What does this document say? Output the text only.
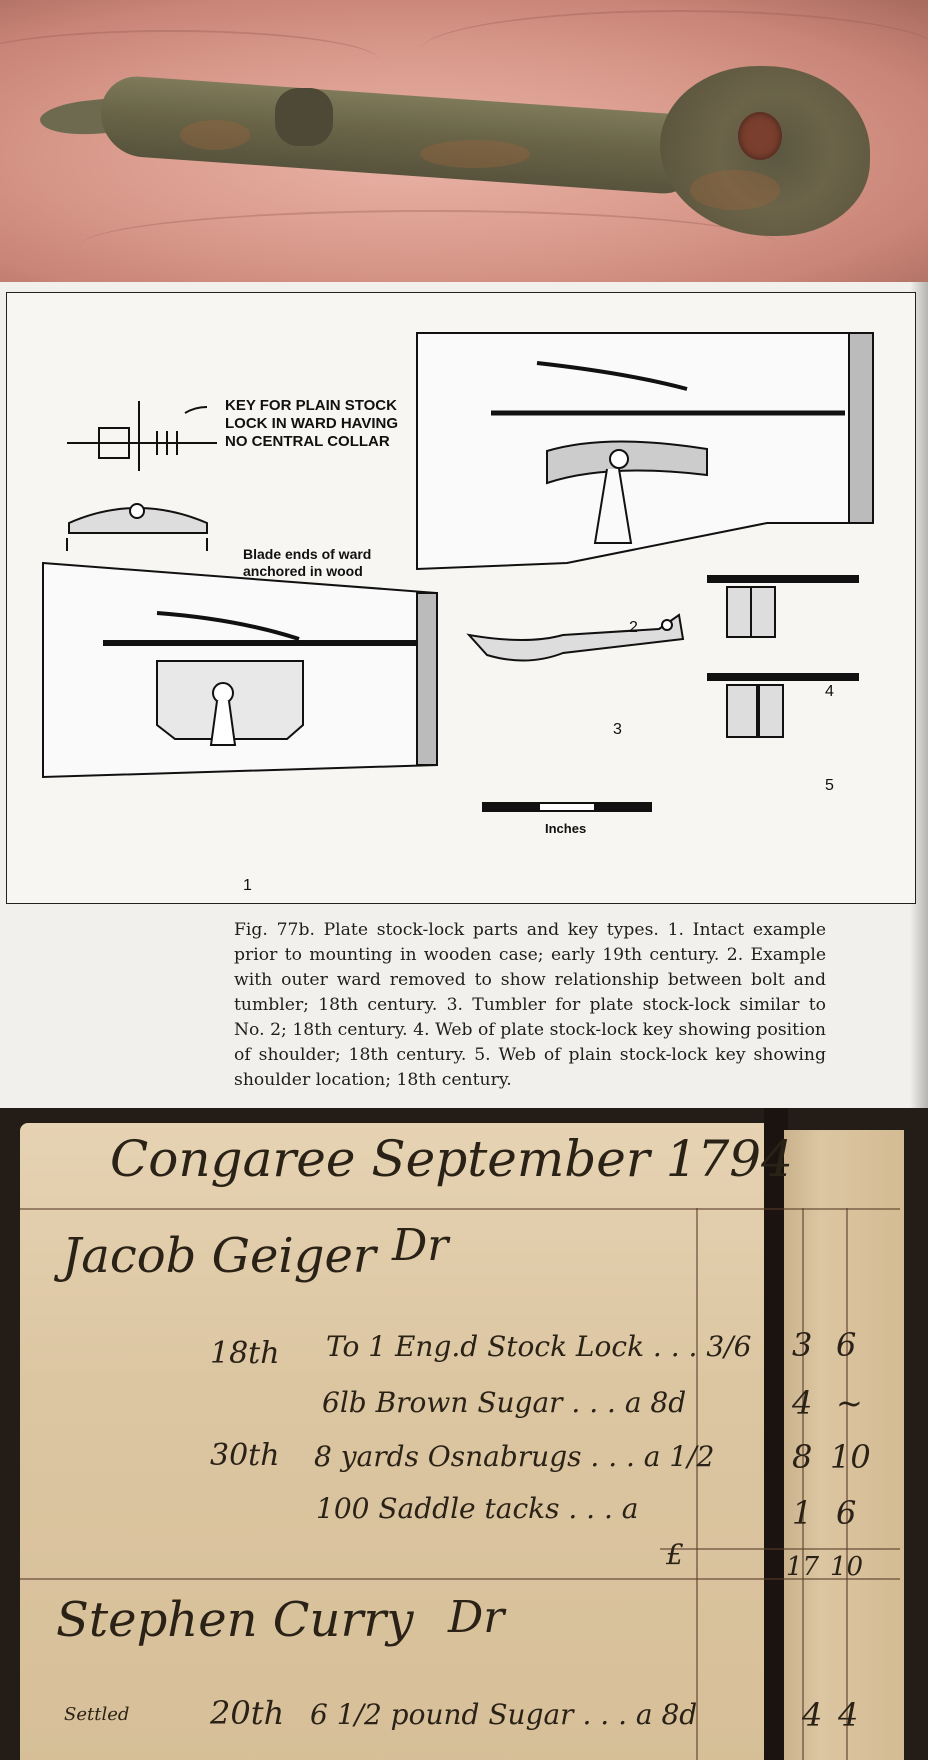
KEY FOR PLAIN STOCK LOCK IN WARD HAVING NO CENTRAL COLLAR
Blade ends of ward anchored in wood
Inches
1
2
3
4
5
Fig. 77b. Plate stock-lock parts and key types. 1. Intact example prior to mounting in wooden case; early 19th century. 2. Example with outer ward removed to show relationship between bolt and tumbler; 18th century. 3. Tumbler for plate stock-lock similar to No. 2; 18th century. 4. Web of plate stock-lock key showing position of shoulder; 18th century. 5. Web of plain stock-lock key showing shoulder location; 18th century.
Congaree September 1794
Jacob Geiger Dr
18th To 1 Eng.d Stock Lock . . . 3/6 3 6
6lb Brown Sugar . . . a 8d	4 ~
30th 8 yards Osnabrugs . . . a 1/2 8 10
100 Saddle tacks . . . a	1 6
£	17 10
Stephen Curry Dr
Settled	20th 6 1/2 pound Sugar . . . a 8d	4 4
